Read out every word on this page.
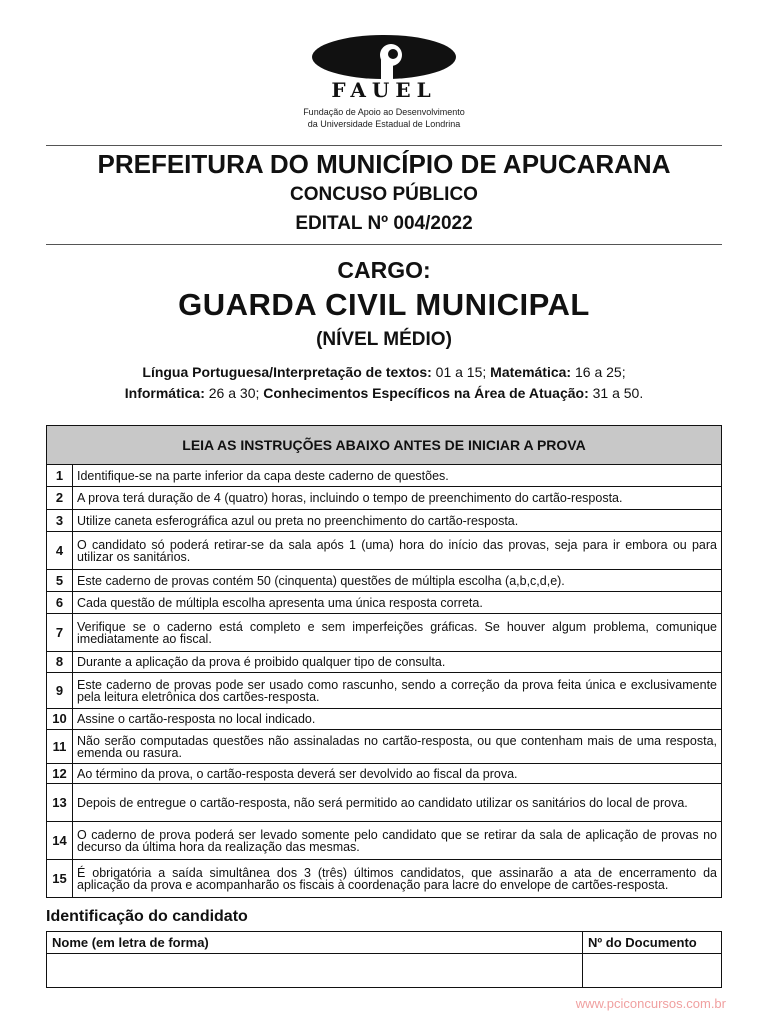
FAUEL
Fundação de Apoio ao Desenvolvimento
da Universidade Estadual de Londrina
PREFEITURA DO MUNICÍPIO DE APUCARANA
CONCUSO PÚBLICO
EDITAL Nº 004/2022
CARGO:
GUARDA CIVIL MUNICIPAL
(NÍVEL MÉDIO)
Língua Portuguesa/Interpretação de textos: 01 a 15; Matemática: 16 a 25;
Informática: 26 a 30; Conhecimentos Específicos na Área de Atuação: 31 a 50.
LEIA AS INSTRUÇÕES ABAIXO ANTES DE INICIAR A PROVA	
1	Identifique-se na parte inferior da capa deste caderno de questões.
2	A prova terá duração de 4 (quatro) horas, incluindo o tempo de preenchimento do cartão-resposta.
3	Utilize caneta esferográfica azul ou preta no preenchimento do cartão-resposta.
4	O candidato só poderá retirar-se da sala após 1 (uma) hora do início das provas, seja para ir embora ou para utilizar os sanitários.
5	Este caderno de provas contém 50 (cinquenta) questões de múltipla escolha (a,b,c,d,e).
6	Cada questão de múltipla escolha apresenta uma única resposta correta.
7	Verifique se o caderno está completo e sem imperfeições gráficas. Se houver algum problema, comunique imediatamente ao fiscal.
8	Durante a aplicação da prova é proibido qualquer tipo de consulta.
9	Este caderno de provas pode ser usado como rascunho, sendo a correção da prova feita única e exclusivamente pela leitura eletrônica dos cartões-resposta.
10	Assine o cartão-resposta no local indicado.
11	Não serão computadas questões não assinaladas no cartão-resposta, ou que contenham mais de uma resposta, emenda ou rasura.
12	Ao término da prova, o cartão-resposta deverá ser devolvido ao fiscal da prova.
13	Depois de entregue o cartão-resposta, não será permitido ao candidato utilizar os sanitários do local de prova.
14	O caderno de prova poderá ser levado somente pelo candidato que se retirar da sala de aplicação de provas no decurso da última hora da realização das mesmas.
15	É obrigatória a saída simultânea dos 3 (três) últimos candidatos, que assinarão a ata de encerramento da aplicação da prova e acompanharão os fiscais à coordenação para lacre do envelope de cartões-resposta.
Identificação do candidato
Nome (em letra de forma)	Nº do Documento

www.pciconcursos.com.br
